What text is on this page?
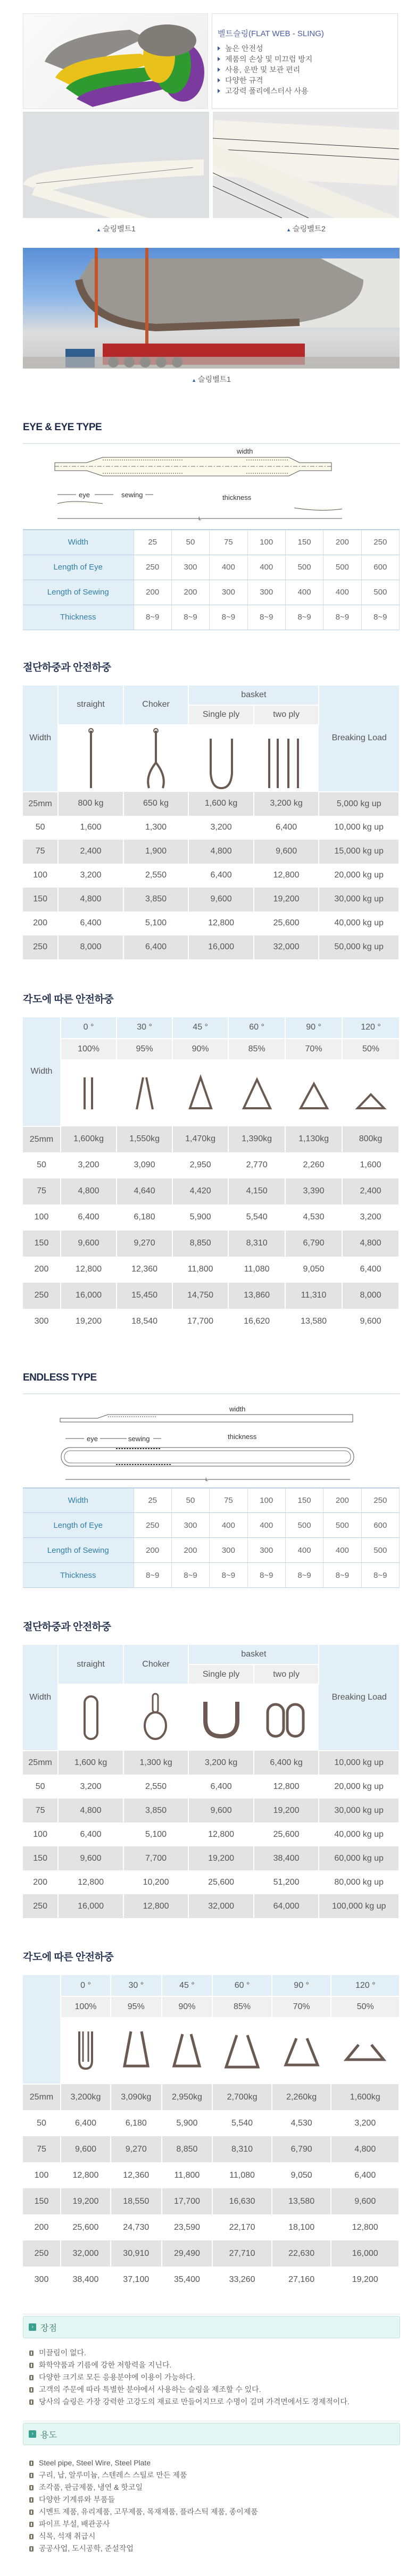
벨트슬링(FLAT WEB - SLING)
높은 안전성
제품의 손상 및 미끄럼 방지
사용, 운반 및 보관 편리
다양한 규격
고강력 폴리에스터사 사용
▲ 슬링벨트1	▲ 슬링벨트2
▲ 슬링벨트1
EYE & EYE TYPE
width
eye	sewing	thickness
L
Width	25	50	75	100	150	200	250
Length of Eye	250	300	400	400	500	500	600
Length of Sewing	200	200	300	300	400	400	500
Thickness	8~9	8~9	8~9	8~9	8~9	8~9	8~9
절단하중과 안전하중
Width	straight	Choker	basket		Breaking Load
			Single ply	two ply	

25mm	800 kg	650 kg	1,600 kg	3,200 kg	5,000 kg up
50	1,600	1,300	3,200	6,400	10,000 kg up
75	2,400	1,900	4,800	9,600	15,000 kg up
100	3,200	2,550	6,400	12,800	20,000 kg up
150	4,800	3,850	9,600	19,200	30,000 kg up
200	6,400	5,100	12,800	25,600	40,000 kg up
250	8,000	6,400	16,000	32,000	50,000 kg up
각도에 따른 안전하중
Width	0 °	30 °	45 °	60 °	90 °	120 °
	100%	95%	90%	85%	70%	50%

25mm	1,600kg	1,550kg	1,470kg	1,390kg	1,130kg	800kg
50	3,200	3,090	2,950	2,770	2,260	1,600
75	4,800	4,640	4,420	4,150	3,390	2,400
100	6,400	6,180	5,900	5,540	4,530	3,200
150	9,600	9,270	8,850	8,310	6,790	4,800
200	12,800	12,360	11,800	11,080	9,050	6,400
250	16,000	15,450	14,750	13,860	11,310	8,000
300	19,200	18,540	17,700	16,620	13,580	9,600
ENDLESS TYPE
width
eye	sewing	thickness
L
Width	25	50	75	100	150	200	250
Length of Eye	250	300	400	400	500	500	600
Length of Sewing	200	200	300	300	400	400	500
Thickness	8~9	8~9	8~9	8~9	8~9	8~9	8~9
절단하중과 안전하중
Width	straight	Choker	basket		Breaking Load
			Single ply	two ply	

25mm	1,600 kg	1,300 kg	3,200 kg	6,400 kg	10,000 kg up
50	3,200	2,550	6,400	12,800	20,000 kg up
75	4,800	3,850	9,600	19,200	30,000 kg up
100	6,400	5,100	12,800	25,600	40,000 kg up
150	9,600	7,700	19,200	38,400	60,000 kg up
200	12,800	10,200	25,600	51,200	80,000 kg up
250	16,000	12,800	32,000	64,000	100,000 kg up
각도에 따른 안전하중
	0 °	30 °	45 °	60 °	90 °	120 °
	100%	95%	90%	85%	70%	50%

25mm	3,200kg	3,090kg	2,950kg	2,700kg	2,260kg	1,600kg
50	6,400	6,180	5,900	5,540	4,530	3,200
75	9,600	9,270	8,850	8,310	6,790	4,800
100	12,800	12,360	11,800	11,080	9,050	6,400
150	19,200	18,550	17,700	16,630	13,580	9,600
200	25,600	24,730	23,590	22,170	18,100	12,800
250	32,000	30,910	29,490	27,710	22,630	16,000
300	38,400	37,100	35,400	33,260	27,160	19,200
› 장점
미끌림이 없다.
화학약품과 기름에 강한 저항력을 지닌다.
다양한 크기로 모든 응용분야에 이용이 가능하다.
고객의 주문에 따라 특별한 분야에서 사용하는 슬링을 제조할 수 있다.
당사의 슬링은 가장 강력한 고강도의 재료로 만들어지므로 수명이 길며 가격면에서도 경제적이다.
› 용도
Steel pipe, Steel Wire, Steel Plate
구리, 납, 알루미늄, 스텐레스 스틸로 만든 제품
조각품, 판금제품, 냉연 & 핫코일
다양한 기계류와 부품들
시멘트 제품, 유리제품, 고무제품, 목재제품, 플라스틱 제품, 종이제품
파이프 부설, 배관공사
식목, 석재 취급시
공공사업, 도시공학, 준설작업
